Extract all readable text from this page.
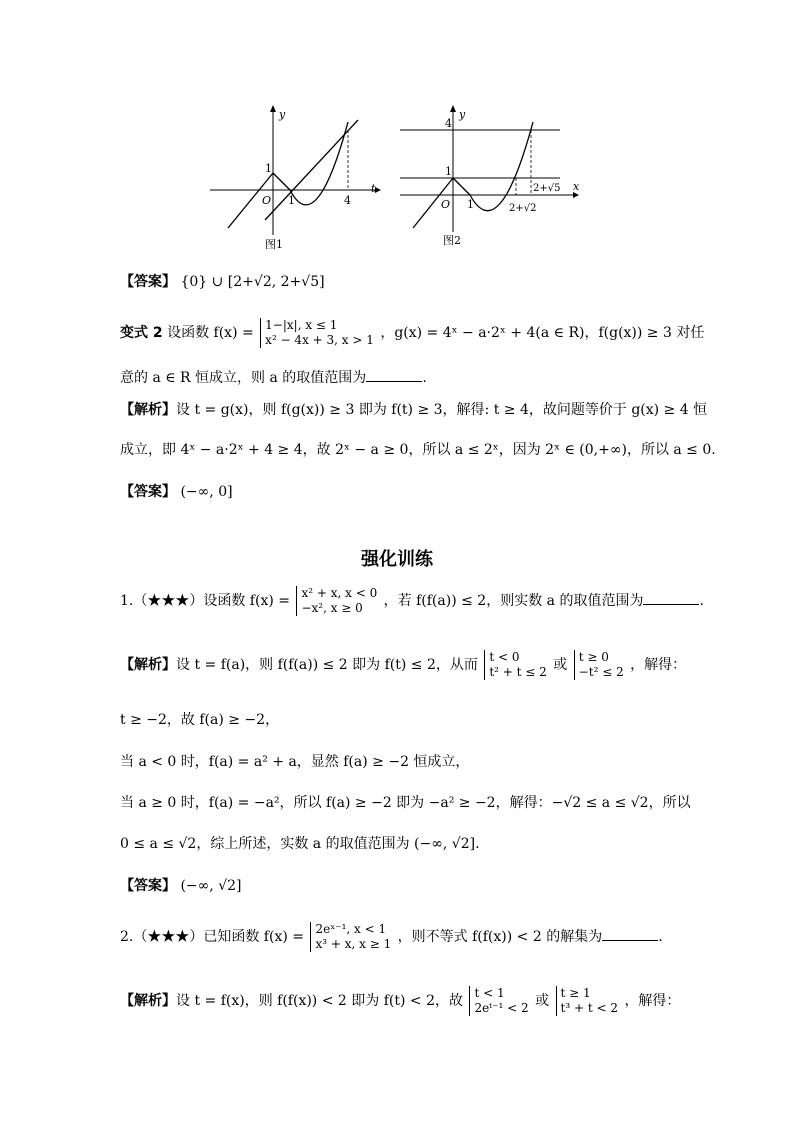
y
t
O 1
1
4
图1
y
x
O 1
1
4
2+√2
2+√5
图2
【答案】 {0} ∪ [2+√2, 2+√5]
变式 2 设函数 f(x) = 1−|x|, x ≤ 1
x² − 4x + 3, x > 1 ，g(x) = 4ˣ − a·2ˣ + 4(a ∈ R)，f(g(x)) ≥ 3 对任
意的 a ∈ R 恒成立，则 a 的取值范围为	.
【解析】设 t = g(x)，则 f(g(x)) ≥ 3 即为 f(t) ≥ 3，解得: t ≥ 4，故问题等价于 g(x) ≥ 4 恒
成立，即 4ˣ − a·2ˣ + 4 ≥ 4，故 2ˣ − a ≥ 0，所以 a ≤ 2ˣ，因为 2ˣ ∈ (0,+∞)，所以 a ≤ 0.
【答案】 (−∞, 0]
强化训练
1.（★★★）设函数 f(x) = x² + x, x < 0
−x², x ≥ 0 ，若 f(f(a)) ≤ 2，则实数 a 的取值范围为	.
【解析】设 t = f(a)，则 f(f(a)) ≤ 2 即为 f(t) ≤ 2，从而 t < 0
t² + t ≤ 2 或 t ≥ 0
−t² ≤ 2 ，解得：
t ≥ −2，故 f(a) ≥ −2，
当 a < 0 时，f(a) = a² + a，显然 f(a) ≥ −2 恒成立，
当 a ≥ 0 时，f(a) = −a²，所以 f(a) ≥ −2 即为 −a² ≥ −2，解得：−√2 ≤ a ≤ √2，所以
0 ≤ a ≤ √2，综上所述，实数 a 的取值范围为 (−∞, √2].
【答案】 (−∞, √2]
2.（★★★）已知函数 f(x) = 2eˣ⁻¹, x < 1
x³ + x, x ≥ 1 ，则不等式 f(f(x)) < 2 的解集为	.
【解析】设 t = f(x)，则 f(f(x)) < 2 即为 f(t) < 2，故 t < 1
2eᵗ⁻¹ < 2 或 t ≥ 1
t³ + t < 2 ，解得：
